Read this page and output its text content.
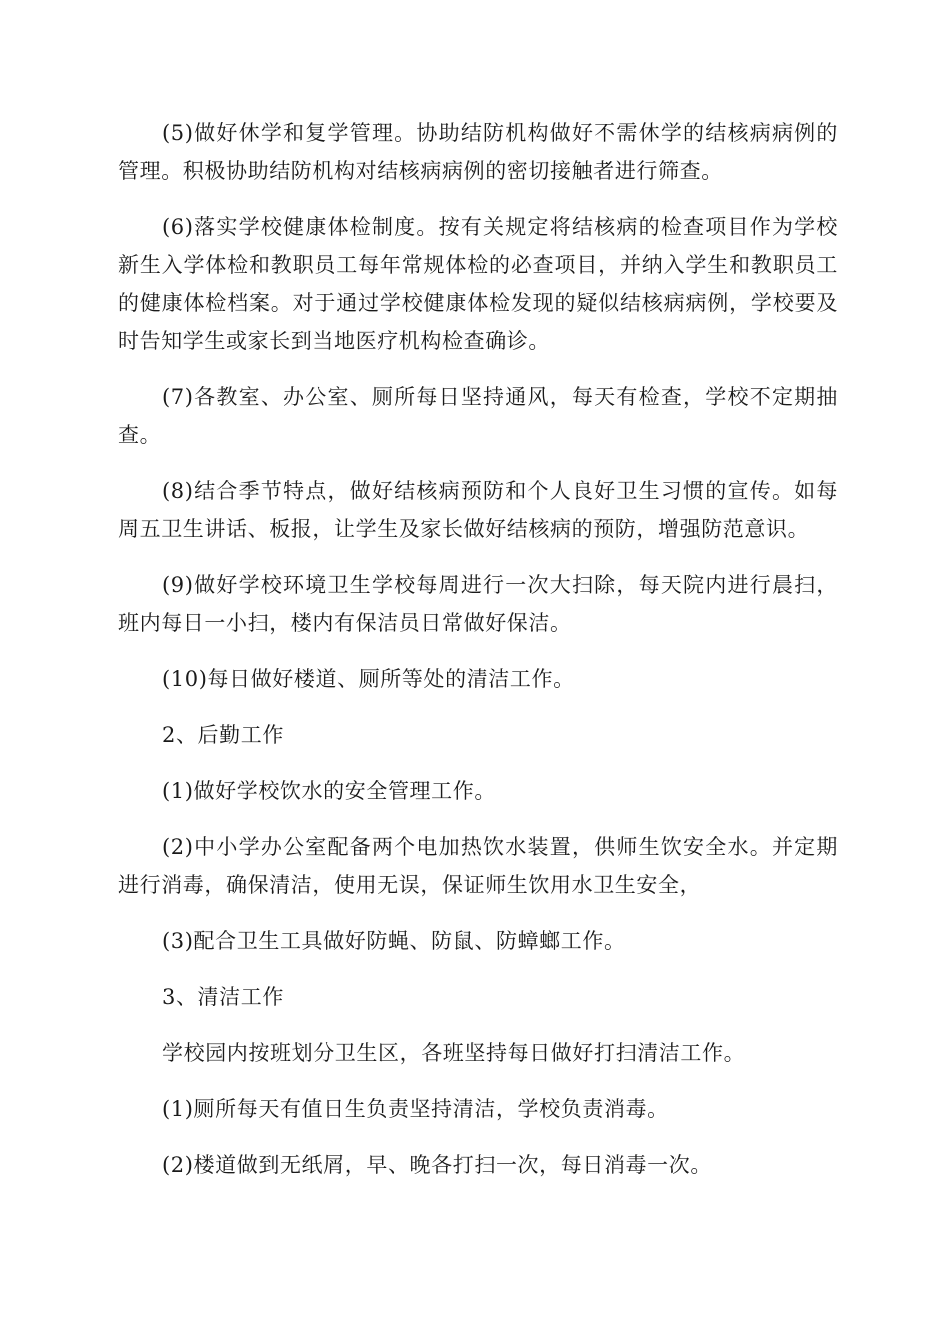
(5)做好休学和复学管理。协助结防机构做好不需休学的结核病病例的管理。积极协助结防机构对结核病病例的密切接触者进行筛查。

(6)落实学校健康体检制度。按有关规定将结核病的检查项目作为学校新生入学体检和教职员工每年常规体检的必查项目，并纳入学生和教职员工的健康体检档案。对于通过学校健康体检发现的疑似结核病病例，学校要及时告知学生或家长到当地医疗机构检查确诊。

(7)各教室、办公室、厕所每日坚持通风，每天有检查，学校不定期抽查。

(8)结合季节特点，做好结核病预防和个人良好卫生习惯的宣传。如每周五卫生讲话、板报，让学生及家长做好结核病的预防，增强防范意识。

(9)做好学校环境卫生学校每周进行一次大扫除，每天院内进行晨扫，班内每日一小扫，楼内有保洁员日常做好保洁。

(10)每日做好楼道、厕所等处的清洁工作。

2、后勤工作

(1)做好学校饮水的安全管理工作。

(2)中小学办公室配备两个电加热饮水装置，供师生饮安全水。并定期进行消毒，确保清洁，使用无误，保证师生饮用水卫生安全，

(3)配合卫生工具做好防蝇、防鼠、防蟑螂工作。

3、清洁工作

学校园内按班划分卫生区，各班坚持每日做好打扫清洁工作。

(1)厕所每天有值日生负责坚持清洁，学校负责消毒。

(2)楼道做到无纸屑，早、晚各打扫一次，每日消毒一次。
